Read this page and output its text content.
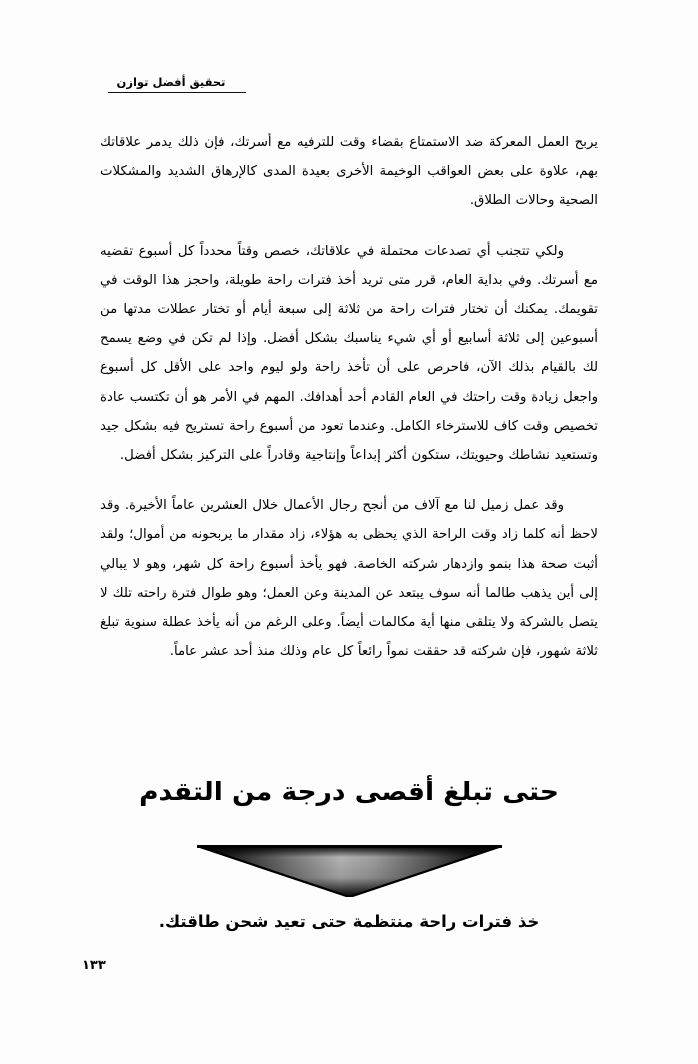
تحقيق أفضل توازن

يربح العمل المعركة ضد الاستمتاع بقضاء وقت للترفيه مع أسرتك، فإن ذلك يدمر علاقاتك بهم، علاوة على بعض العواقب الوخيمة الأخرى بعيدة المدى كالإرهاق الشديد والمشكلات الصحية وحالات الطلاق.

ولكي تتجنب أي تصدعات محتملة في علاقاتك، خصص وقتاً محدداً كل أسبوع تقضيه مع أسرتك. وفي بداية العام، قرر متى تريد أخذ فترات راحة طويلة، واحجز هذا الوقت في تقويمك. يمكنك أن تختار فترات راحة من ثلاثة إلى سبعة أيام أو تختار عطلات مدتها من أسبوعين إلى ثلاثة أسابيع أو أي شيء يناسبك بشكل أفضل. وإذا لم تكن في وضع يسمح لك بالقيام بذلك الآن، فاحرص على أن تأخذ راحة ولو ليوم واحد على الأقل كل أسبوع واجعل زيادة وقت راحتك في العام القادم أحد أهدافك. المهم في الأمر هو أن تكتسب عادة تخصيص وقت كاف للاسترخاء الكامل. وعندما تعود من أسبوع راحة تستريح فيه بشكل جيد وتستعيد نشاطك وحيويتك، ستكون أكثر إبداعاً وإنتاجية وقادراً على التركيز بشكل أفضل.

وقد عمل زميل لنا مع آلاف من أنجح رجال الأعمال خلال العشرين عاماً الأخيرة. وقد لاحظ أنه كلما زاد وقت الراحة الذي يحظى به هؤلاء، زاد مقدار ما يربحونه من أموال؛ ولقد أثبت صحة هذا بنمو وازدهار شركته الخاصة. فهو يأخذ أسبوع راحة كل شهر، وهو لا يبالي إلى أين يذهب طالما أنه سوف يبتعد عن المدينة وعن العمل؛ وهو طوال فترة راحته تلك لا يتصل بالشركة ولا يتلقى منها أية مكالمات أيضاً. وعلى الرغم من أنه يأخذ عطلة سنوية تبلغ ثلاثة شهور، فإن شركته قد حققت نمواً رائعاً كل عام وذلك منذ أحد عشر عاماً.

حتى تبلغ أقصى درجة من التقدم
خذ فترات راحة منتظمة حتى تعيد شحن طاقتك.
١٣٣
